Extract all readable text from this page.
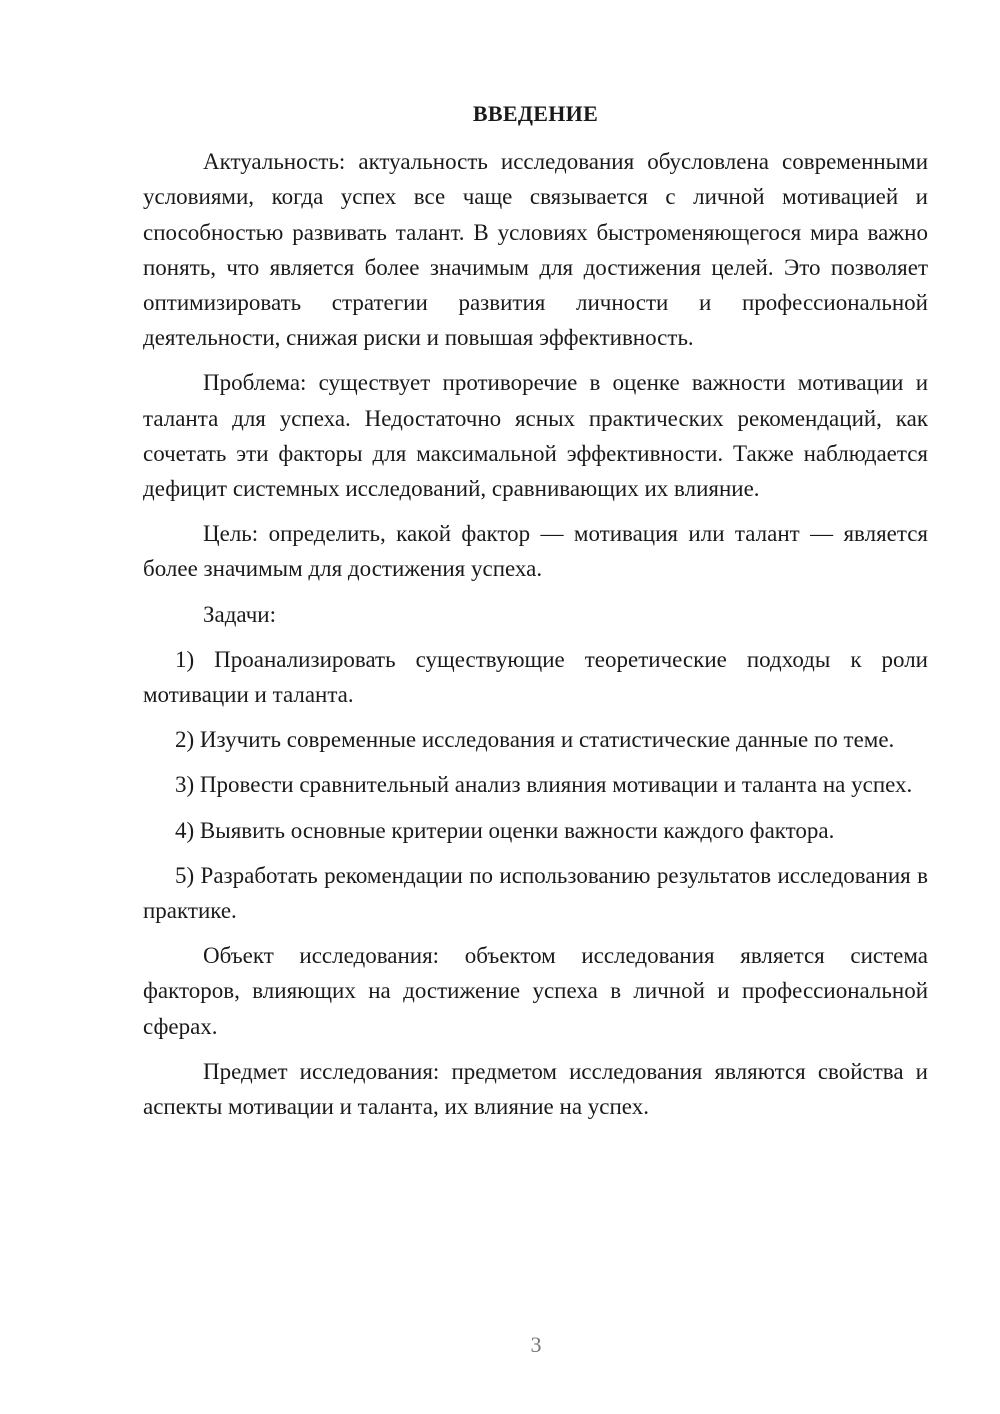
ВВЕДЕНИЕ

Актуальность: актуальность исследования обусловлена современными условиями, когда успех все чаще связывается с личной мотивацией и способностью развивать талант. В условиях быстроменяющегося мира важно понять, что является более значимым для достижения целей. Это позволяет оптимизировать стратегии развития личности и профессиональной деятельности, снижая риски и повышая эффективность.

Проблема: существует противоречие в оценке важности мотивации и таланта для успеха. Недостаточно ясных практических рекомендаций, как сочетать эти факторы для максимальной эффективности. Также наблюдается дефицит системных исследований, сравнивающих их влияние.

Цель: определить, какой фактор — мотивация или талант — является более значимым для достижения успеха.

Задачи:

1) Проанализировать существующие теоретические подходы к роли мотивации и таланта.

2) Изучить современные исследования и статистические данные по теме.

3) Провести сравнительный анализ влияния мотивации и таланта на успех.

4) Выявить основные критерии оценки важности каждого фактора.

5) Разработать рекомендации по использованию результатов исследования в практике.

Объект исследования: объектом исследования является система факторов, влияющих на достижение успеха в личной и профессиональной сферах.

Предмет исследования: предметом исследования являются свойства и аспекты мотивации и таланта, их влияние на успех.

3
